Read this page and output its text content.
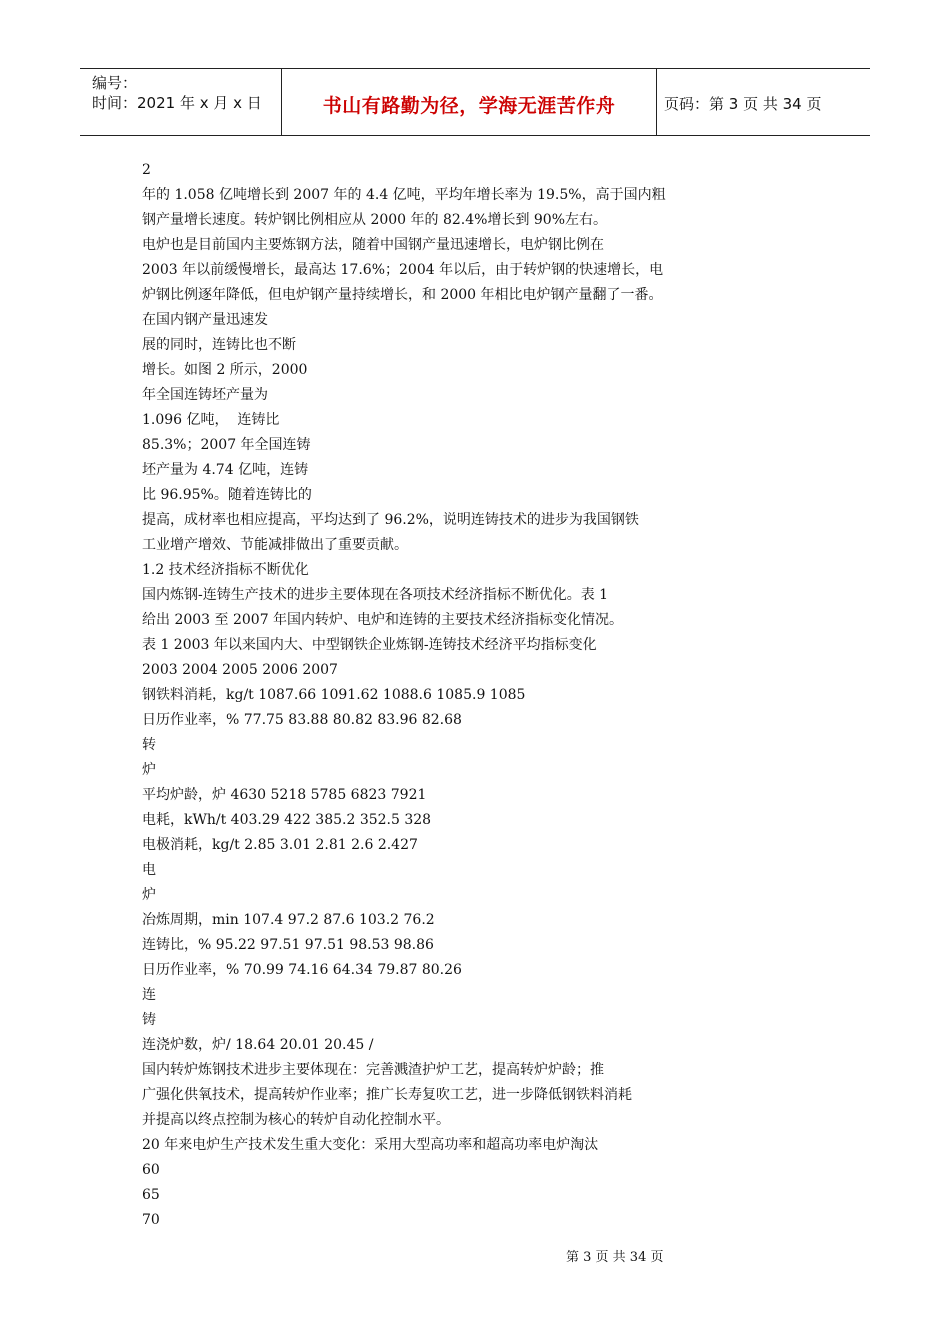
编号：
时间：2021 年 x 月 x 日	书山有路勤为径，学海无涯苦作舟	页码：第 3 页 共 34 页
2
年的 1.058 亿吨增长到 2007 年的 4.4 亿吨，平均年增长率为 19.5%，高于国内粗
钢产量增长速度。转炉钢比例相应从 2000 年的 82.4%增长到 90%左右。
电炉也是目前国内主要炼钢方法，随着中国钢产量迅速增长，电炉钢比例在
2003 年以前缓慢增长，最高达 17.6%；2004 年以后，由于转炉钢的快速增长，电
炉钢比例逐年降低，但电炉钢产量持续增长，和 2000 年相比电炉钢产量翻了一番。
在国内钢产量迅速发
展的同时，连铸比也不断
增长。如图 2 所示，2000
年全国连铸坯产量为
1.096 亿吨，  连铸比
85.3%；2007 年全国连铸
坯产量为 4.74 亿吨，连铸
比 96.95%。随着连铸比的
提高，成材率也相应提高，平均达到了 96.2%，说明连铸技术的进步为我国钢铁
工业增产增效、节能减排做出了重要贡献。
1.2 技术经济指标不断优化
国内炼钢-连铸生产技术的进步主要体现在各项技术经济指标不断优化。表 1
给出 2003 至 2007 年国内转炉、电炉和连铸的主要技术经济指标变化情况。
表 1 2003 年以来国内大、中型钢铁企业炼钢-连铸技术经济平均指标变化
2003 2004 2005 2006 2007
钢铁料消耗，kg/t 1087.66 1091.62 1088.6 1085.9 1085
日历作业率，% 77.75 83.88 80.82 83.96 82.68
转
炉
平均炉龄，炉 4630 5218 5785 6823 7921
电耗，kWh/t 403.29 422 385.2 352.5 328
电极消耗，kg/t 2.85 3.01 2.81 2.6 2.427
电
炉
冶炼周期，min 107.4 97.2 87.6 103.2 76.2
连铸比，% 95.22 97.51 97.51 98.53 98.86
日历作业率，% 70.99 74.16 64.34 79.87 80.26
连
铸
连浇炉数，炉/ 18.64 20.01 20.45 /
国内转炉炼钢技术进步主要体现在：完善溅渣护炉工艺，提高转炉炉龄；推
广强化供氧技术，提高转炉作业率；推广长寿复吹工艺，进一步降低钢铁料消耗
并提高以终点控制为核心的转炉自动化控制水平。
20 年来电炉生产技术发生重大变化：采用大型高功率和超高功率电炉淘汰
60
65
70
第 3 页 共 34 页
